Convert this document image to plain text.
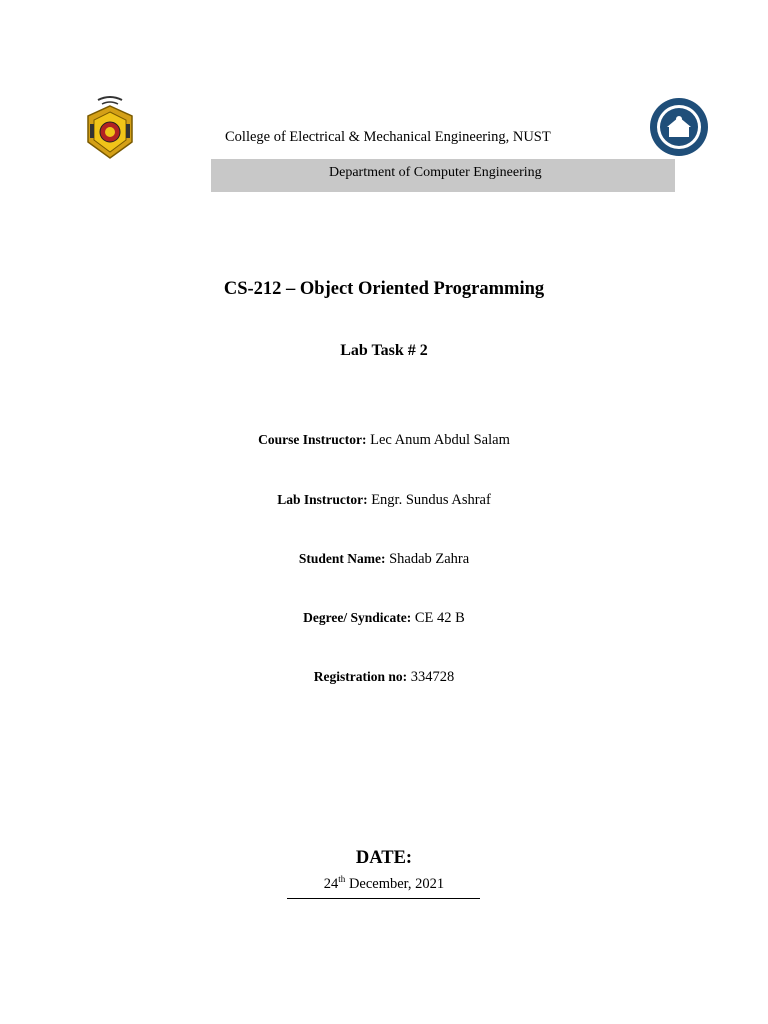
College of Electrical & Mechanical Engineering, NUST
Department of Computer Engineering
CS-212 – Object Oriented Programming
Lab Task # 2
Course Instructor: Lec Anum Abdul Salam
Lab Instructor: Engr. Sundus Ashraf
Student Name: Shadab Zahra
Degree/ Syndicate: CE 42 B
Registration no: 334728
DATE:
24th December, 2021
